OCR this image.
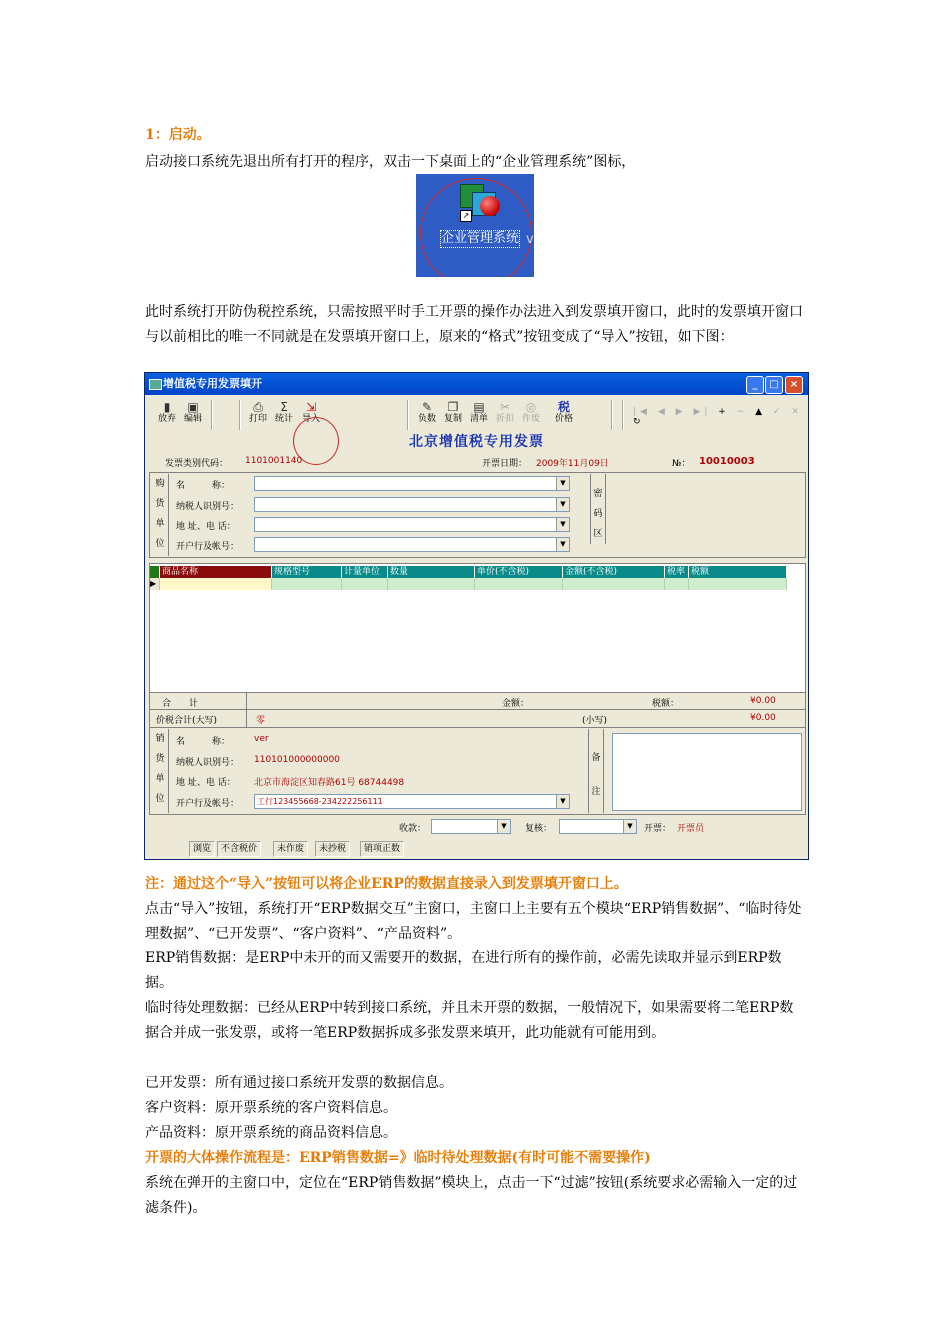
1：启动。
启动接口系统先退出所有打开的程序，双击一下桌面上的“企业管理系统”图标，
↗
企业管理系统 v
此时系统打开防伪税控系统，只需按照平时手工开票的操作办法进入到发票填开窗口，此时的发票填开窗口与以前相比的唯一不同就是在发票填开窗口上，原来的“格式”按钮变成了“导入”按钮，如下图：
增值税专用发票填开	_	□	×
▮
放弃
▣
编辑
⎙
打印
Σ
统计
⇲
导入
✎
负数
❐
复制
▤
清单
✂
折扣
◎
作废
税
价格
|◀ ◀ ▶ ▶| + − ▲ ✓ ✕ ↻
北京增值税专用发票
发票类别代码： 1101001140	开票日期： 2009年11月09日	№： 10010003
购
货
单
位
名　　　称：
纳税人识别号：
地 址、电 话：
开户行及帐号：
▼
▼
▼
▼
密
码
区
商品名称	规格型号	计量单位	数量	单价(不含税)	金额(不含税)	税率 税额
▶
合　　计	金额：	税额：	¥0.00
价税合计(大写)	零	(小写)	¥0.00
销
货
单
位
名　　　称：	ver
纳税人识别号： 110101000000000
地 址、电 话： 北京市海淀区知春路61号 68744498
开户行及帐号：	工行123455668-234222256111	▼
备
注
收款：	▼	复核：	▼	开票： 开票员
浏览	不含税价	未作废	未抄税	销项正数
注：通过这个“导入”按钮可以将企业ERP的数据直接录入到发票填开窗口上。
点击“导入”按钮，系统打开“ERP数据交互”主窗口，主窗口上主要有五个模块“ERP销售数据”、“临时待处理数据”、“已开发票”、“客户资料”、“产品资料”。
ERP销售数据：是ERP中未开的而又需要开的数据，在进行所有的操作前，必需先读取并显示到ERP数据。
临时待处理数据：已经从ERP中转到接口系统，并且未开票的数据，一般情况下，如果需要将二笔ERP数据合并成一张发票，或将一笔ERP数据拆成多张发票来填开，此功能就有可能用到。
已开发票：所有通过接口系统开发票的数据信息。
客户资料：原开票系统的客户资料信息。
产品资料：原开票系统的商品资料信息。
开票的大体操作流程是：ERP销售数据=》临时待处理数据(有时可能不需要操作)
系统在弹开的主窗口中，定位在“ERP销售数据”模块上，点击一下“过滤”按钮(系统要求必需输入一定的过滤条件)。
